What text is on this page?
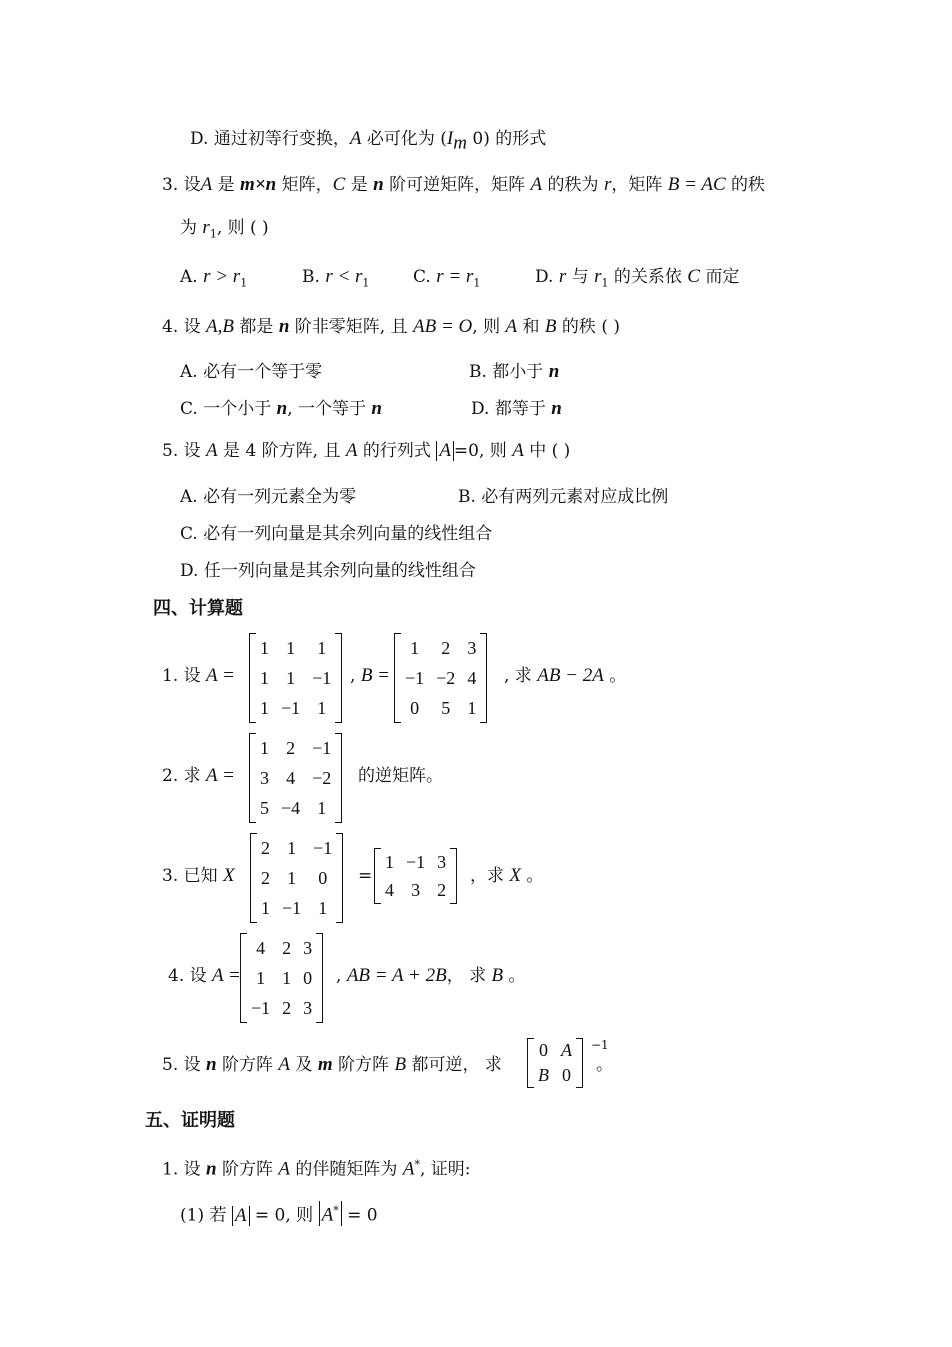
D. 通过初等行变换，A 必可化为 ($I_m$ 0) 的形式
3. 设A 是 m×n 矩阵，C 是 n 阶可逆矩阵，矩阵 A 的秩为 r，矩阵 B = AC 的秩
为 $r_1$, 则 ( )
A. $r > r_1$	B. $r < r_1$	C. $r = r_1$	D. r 与 $r_1$ 的关系依 C 而定
4. 设 A,B 都是 n 阶非零矩阵, 且 AB = O, 则 A 和 B 的秩 ( )
A. 必有一个等于零	B. 都小于 n
C. 一个小于 n, 一个等于 n	D. 都等于 n
5. 设 A 是 4 阶方阵, 且 A 的行列式 A =0, 则 A 中 ( )
A. 必有一列元素全为零	B. 必有两列元素对应成比例
C. 必有一列向量是其余列向量的线性组合
D. 任一列向量是其余列向量的线性组合
四、计算题
1. 设 A =
1	1	1
1	1	−1
1	−1	1
, B =
1	2	3
−1	−2	4
0	5	1
, 求 AB − 2A 。
2. 求 A =
1	2	−1
3	4	−2
5	−4	1
的逆矩阵。
3. 已知 X
2	1	−1
2	1	0
1	−1	1
=
1	−1	3
4	3	2
，求 X 。
4. 设 A =
4	2	3
1	1	0
−1	2	3
, AB = A + 2B， 求 B 。
5. 设 n 阶方阵 A 及 m 阶方阵 B 都可逆， 求
0	A
B	0
−1
。
五、证明题
1. 设 n 阶方阵 A 的伴随矩阵为 A*, 证明:
(1) 若 A = 0, 则 A* = 0
